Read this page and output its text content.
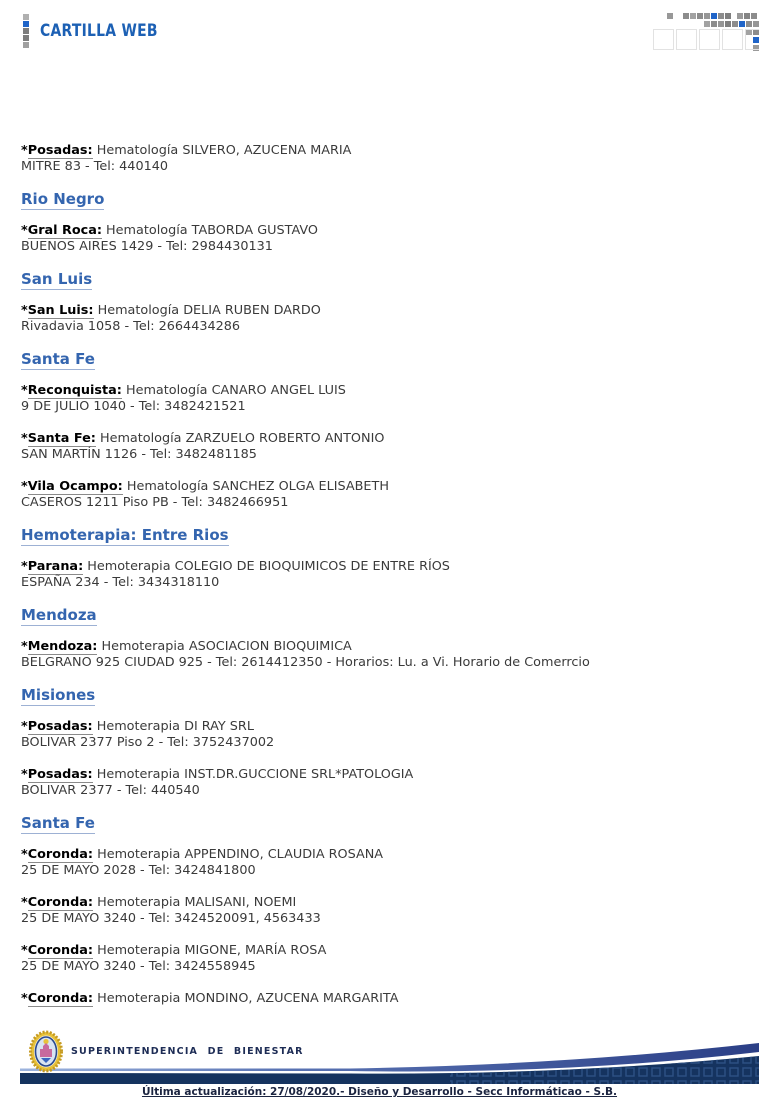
CARTILLA WEB
*Posadas: Hematología SILVERO, AZUCENA MARIA
MITRE 83 - Tel: 440140
Rio Negro
*Gral Roca: Hematología TABORDA GUSTAVO
BUENOS AIRES 1429 - Tel: 2984430131
San Luis
*San Luis: Hematología DELIA RUBEN DARDO
Rivadavia 1058 - Tel: 2664434286
Santa Fe
*Reconquista: Hematología CANARO ANGEL LUIS
9 DE JULIO 1040 - Tel: 3482421521
*Santa Fe: Hematología ZARZUELO ROBERTO ANTONIO
SAN MARTÍN 1126 - Tel: 3482481185
*Vila Ocampo: Hematología SANCHEZ OLGA ELISABETH
CASEROS 1211 Piso PB - Tel: 3482466951
Hemoterapia: Entre Rios
*Parana: Hemoterapia COLEGIO DE BIOQUIMICOS DE ENTRE RÍOS
ESPAÑA 234 - Tel: 3434318110
Mendoza
*Mendoza: Hemoterapia ASOCIACION BIOQUIMICA
BELGRANO 925 CIUDAD 925 - Tel: 2614412350 - Horarios: Lu. a Vi. Horario de Comerrcio
Misiones
*Posadas: Hemoterapia DI RAY SRL
BOLIVAR 2377 Piso 2 - Tel: 3752437002
*Posadas: Hemoterapia INST.DR.GUCCIONE SRL*PATOLOGIA
BOLIVAR 2377 - Tel: 440540
Santa Fe
*Coronda: Hemoterapia APPENDINO, CLAUDIA ROSANA
25 DE MAYO 2028 - Tel: 3424841800
*Coronda: Hemoterapia MALISANI, NOEMI
25 DE MAYO 3240 - Tel: 3424520091, 4563433
*Coronda: Hemoterapia MIGONE, MARÍA ROSA
25 DE MAYO 3240 - Tel: 3424558945
*Coronda: Hemoterapia MONDINO, AZUCENA MARGARITA
SUPERINTENDENCIA DE BIENESTAR
Última actualización: 27/08/2020.- Diseño y Desarrollo - Secc Informáticao - S.B.
